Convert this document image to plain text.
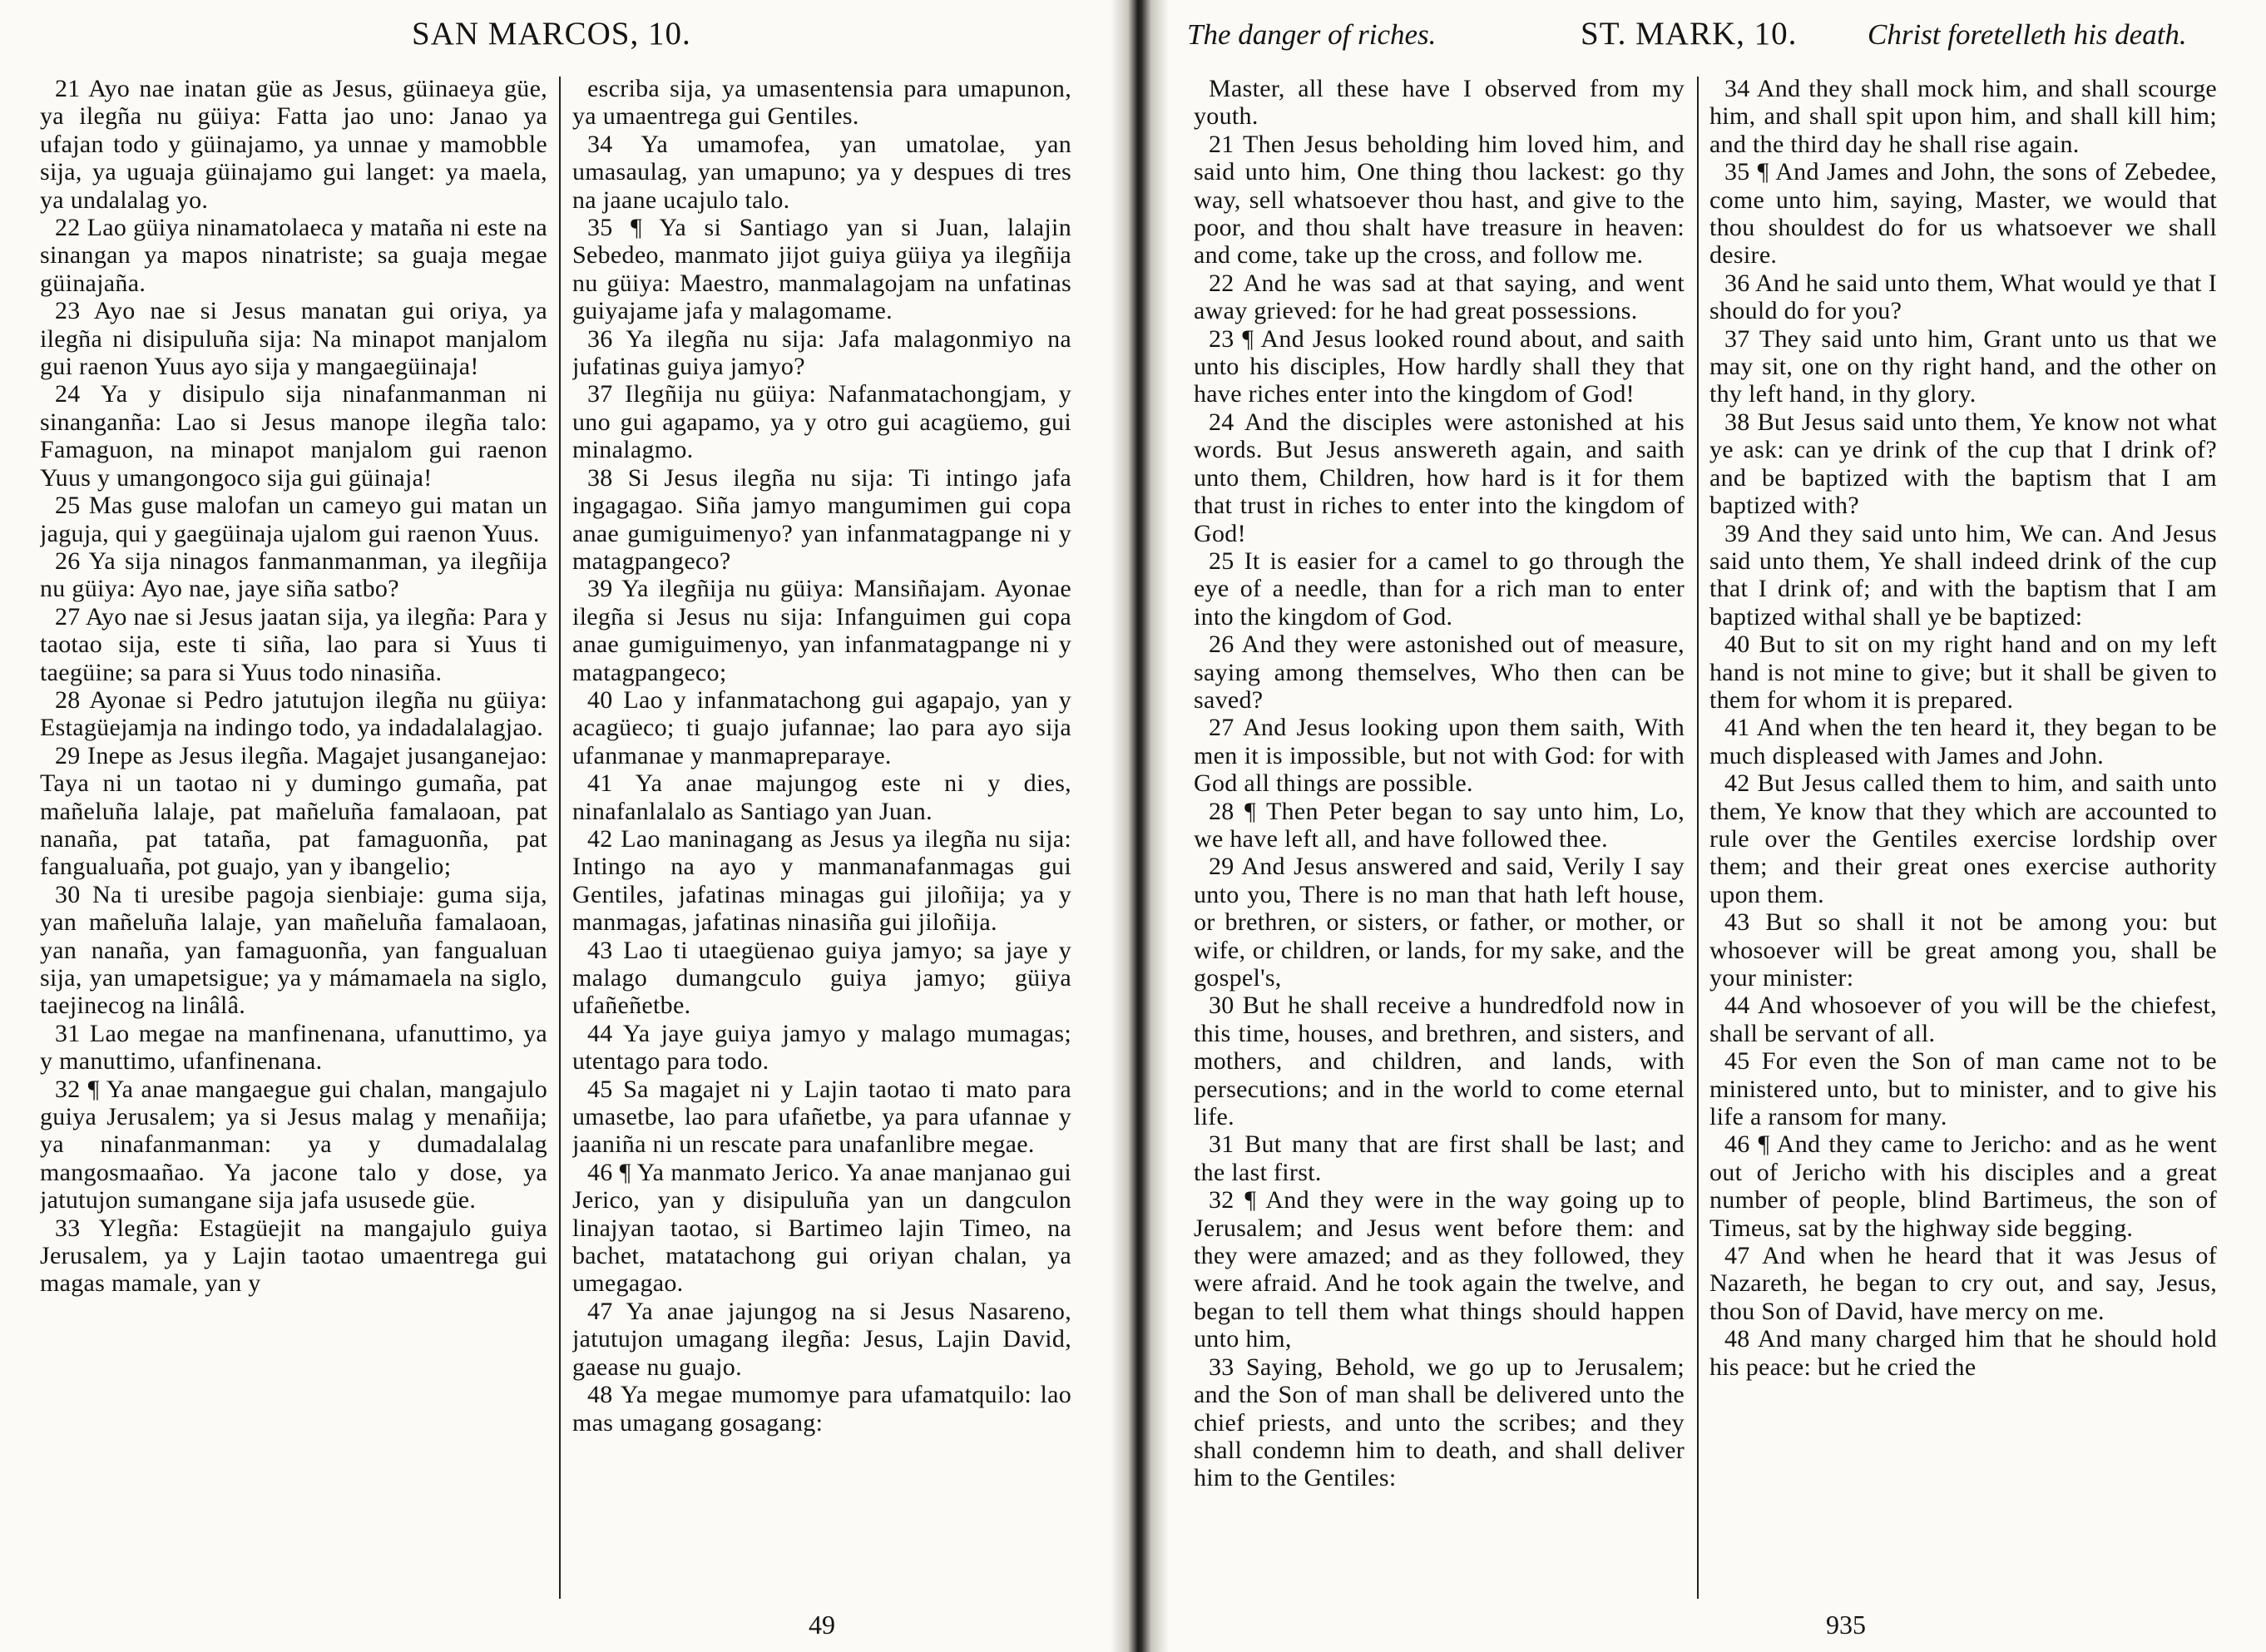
SAN MARCOS, 10.

21 Ayo nae inatan güe as Jesus, güinaeya güe, ya ilegña nu güiya: Fatta jao uno: Janao ya ufajan todo y güinajamo, ya unnae y mamobble sija, ya uguaja güinajamo gui langet: ya maela, ya undalalag yo.

22 Lao güiya ninamatolaeca y mataña ni este na sinangan ya mapos ninatriste; sa guaja megae güinajaña.

23 Ayo nae si Jesus manatan gui oriya, ya ilegña ni disipuluña sija: Na minapot manjalom gui raenon Yuus ayo sija y mangaegüinaja!

24 Ya y disipulo sija ninafanmanman ni sinanganña: Lao si Jesus manope ilegña talo: Famaguon, na minapot manjalom gui raenon Yuus y umangongoco sija gui güinaja!

25 Mas guse malofan un cameyo gui matan un jaguja, qui y gaegüinaja ujalom gui raenon Yuus.

26 Ya sija ninagos fanmanmanman, ya ilegñija nu güiya: Ayo nae, jaye siña satbo?

27 Ayo nae si Jesus jaatan sija, ya ilegña: Para y taotao sija, este ti siña, lao para si Yuus ti taegüine; sa para si Yuus todo ninasiña.

28 Ayonae si Pedro jatutujon ilegña nu güiya: Estagüejamja na indingo todo, ya indadalalagjao.

29 Inepe as Jesus ilegña. Magajet jusanganejao: Taya ni un taotao ni y dumingo gumaña, pat mañeluña lalaje, pat mañeluña famalaoan, pat nanaña, pat tataña, pat famaguonña, pat fangualuaña, pot guajo, yan y ibangelio;

30 Na ti uresibe pagoja sienbiaje: guma sija, yan mañeluña lalaje, yan mañeluña famalaoan, yan nanaña, yan famaguonña, yan fangualuan sija, yan umapetsigue; ya y mámamaela na siglo, taejinecog na linâlâ.

31 Lao megae na manfinenana, ufanuttimo, ya y manuttimo, ufanfinenana.

32 ¶ Ya anae mangaegue gui chalan, mangajulo guiya Jerusalem; ya si Jesus malag y menañija; ya ninafanmanman: ya y dumadalalag mangosmaañao. Ya jacone talo y dose, ya jatutujon sumangane sija jafa ususede güe.

33 Ylegña: Estagüejit na mangajulo guiya Jerusalem, ya y Lajin taotao umaentrega gui magas mamale, yan y

escriba sija, ya umasentensia para umapunon, ya umaentrega gui Gentiles.

34 Ya umamofea, yan umatolae, yan umasaulag, yan umapuno; ya y despues di tres na jaane ucajulo talo.

35 ¶ Ya si Santiago yan si Juan, lalajin Sebedeo, manmato jijot guiya güiya ya ilegñija nu güiya: Maestro, manmalagojam na unfatinas guiyajame jafa y malagomame.

36 Ya ilegña nu sija: Jafa malagonmiyo na jufatinas guiya jamyo?

37 Ilegñija nu güiya: Nafanmatachongjam, y uno gui agapamo, ya y otro gui acagüemo, gui minalagmo.

38 Si Jesus ilegña nu sija: Ti intingo jafa ingagagao. Siña jamyo mangumimen gui copa anae gumiguimenyo? yan infanmatagpange ni y matagpangeco?

39 Ya ilegñija nu güiya: Mansiñajam. Ayonae ilegña si Jesus nu sija: Infanguimen gui copa anae gumiguimenyo, yan infanmatagpange ni y matagpangeco;

40 Lao y infanmatachong gui agapajo, yan y acagüeco; ti guajo jufannae; lao para ayo sija ufanmanae y manmapreparaye.

41 Ya anae majungog este ni y dies, ninafanlalalo as Santiago yan Juan.

42 Lao maninagang as Jesus ya ilegña nu sija: Intingo na ayo y manmanafanmagas gui Gentiles, jafatinas minagas gui jiloñija; ya y manmagas, jafatinas ninasiña gui jiloñija.

43 Lao ti utaegüenao guiya jamyo; sa jaye y malago dumangculo guiya jamyo; güiya ufañeñetbe.

44 Ya jaye guiya jamyo y malago mumagas; utentago para todo.

45 Sa magajet ni y Lajin taotao ti mato para umasetbe, lao para ufañetbe, ya para ufannae y jaaniña ni un rescate para unafanlibre megae.

46 ¶ Ya manmato Jerico. Ya anae manjanao gui Jerico, yan y disipuluña yan un dangculon linajyan taotao, si Bartimeo lajin Timeo, na bachet, matatachong gui oriyan chalan, ya umegagao.

47 Ya anae jajungog na si Jesus Nasareno, jatutujon umagang ilegña: Jesus, Lajin David, gaease nu guajo.

48 Ya megae mumomye para ufamatquilo: lao mas umagang gosagang:

49
The danger of riches.	ST. MARK, 10. Christ foretelleth his death.

Master, all these have I observed from my youth.

21 Then Jesus beholding him loved him, and said unto him, One thing thou lackest: go thy way, sell whatsoever thou hast, and give to the poor, and thou shalt have treasure in heaven: and come, take up the cross, and follow me.

22 And he was sad at that saying, and went away grieved: for he had great possessions.

23 ¶ And Jesus looked round about, and saith unto his disciples, How hardly shall they that have riches enter into the kingdom of God!

24 And the disciples were astonished at his words. But Jesus answereth again, and saith unto them, Children, how hard is it for them that trust in riches to enter into the kingdom of God!

25 It is easier for a camel to go through the eye of a needle, than for a rich man to enter into the kingdom of God.

26 And they were astonished out of measure, saying among themselves, Who then can be saved?

27 And Jesus looking upon them saith, With men it is impossible, but not with God: for with God all things are possible.

28 ¶ Then Peter began to say unto him, Lo, we have left all, and have followed thee.

29 And Jesus answered and said, Verily I say unto you, There is no man that hath left house, or brethren, or sisters, or father, or mother, or wife, or children, or lands, for my sake, and the gospel's,

30 But he shall receive a hundredfold now in this time, houses, and brethren, and sisters, and mothers, and children, and lands, with persecutions; and in the world to come eternal life.

31 But many that are first shall be last; and the last first.

32 ¶ And they were in the way going up to Jerusalem; and Jesus went before them: and they were amazed; and as they followed, they were afraid. And he took again the twelve, and began to tell them what things should happen unto him,

33 Saying, Behold, we go up to Jerusalem; and the Son of man shall be delivered unto the chief priests, and unto the scribes; and they shall condemn him to death, and shall deliver him to the Gentiles:

34 And they shall mock him, and shall scourge him, and shall spit upon him, and shall kill him; and the third day he shall rise again.

35 ¶ And James and John, the sons of Zebedee, come unto him, saying, Master, we would that thou shouldest do for us whatsoever we shall desire.

36 And he said unto them, What would ye that I should do for you?

37 They said unto him, Grant unto us that we may sit, one on thy right hand, and the other on thy left hand, in thy glory.

38 But Jesus said unto them, Ye know not what ye ask: can ye drink of the cup that I drink of? and be baptized with the baptism that I am baptized with?

39 And they said unto him, We can. And Jesus said unto them, Ye shall indeed drink of the cup that I drink of; and with the baptism that I am baptized withal shall ye be baptized:

40 But to sit on my right hand and on my left hand is not mine to give; but it shall be given to them for whom it is prepared.

41 And when the ten heard it, they began to be much displeased with James and John.

42 But Jesus called them to him, and saith unto them, Ye know that they which are accounted to rule over the Gentiles exercise lordship over them; and their great ones exercise authority upon them.

43 But so shall it not be among you: but whosoever will be great among you, shall be your minister:

44 And whosoever of you will be the chiefest, shall be servant of all.

45 For even the Son of man came not to be ministered unto, but to minister, and to give his life a ransom for many.

46 ¶ And they came to Jericho: and as he went out of Jericho with his disciples and a great number of people, blind Bartimeus, the son of Timeus, sat by the highway side begging.

47 And when he heard that it was Jesus of Nazareth, he began to cry out, and say, Jesus, thou Son of David, have mercy on me.

48 And many charged him that he should hold his peace: but he cried the

935
